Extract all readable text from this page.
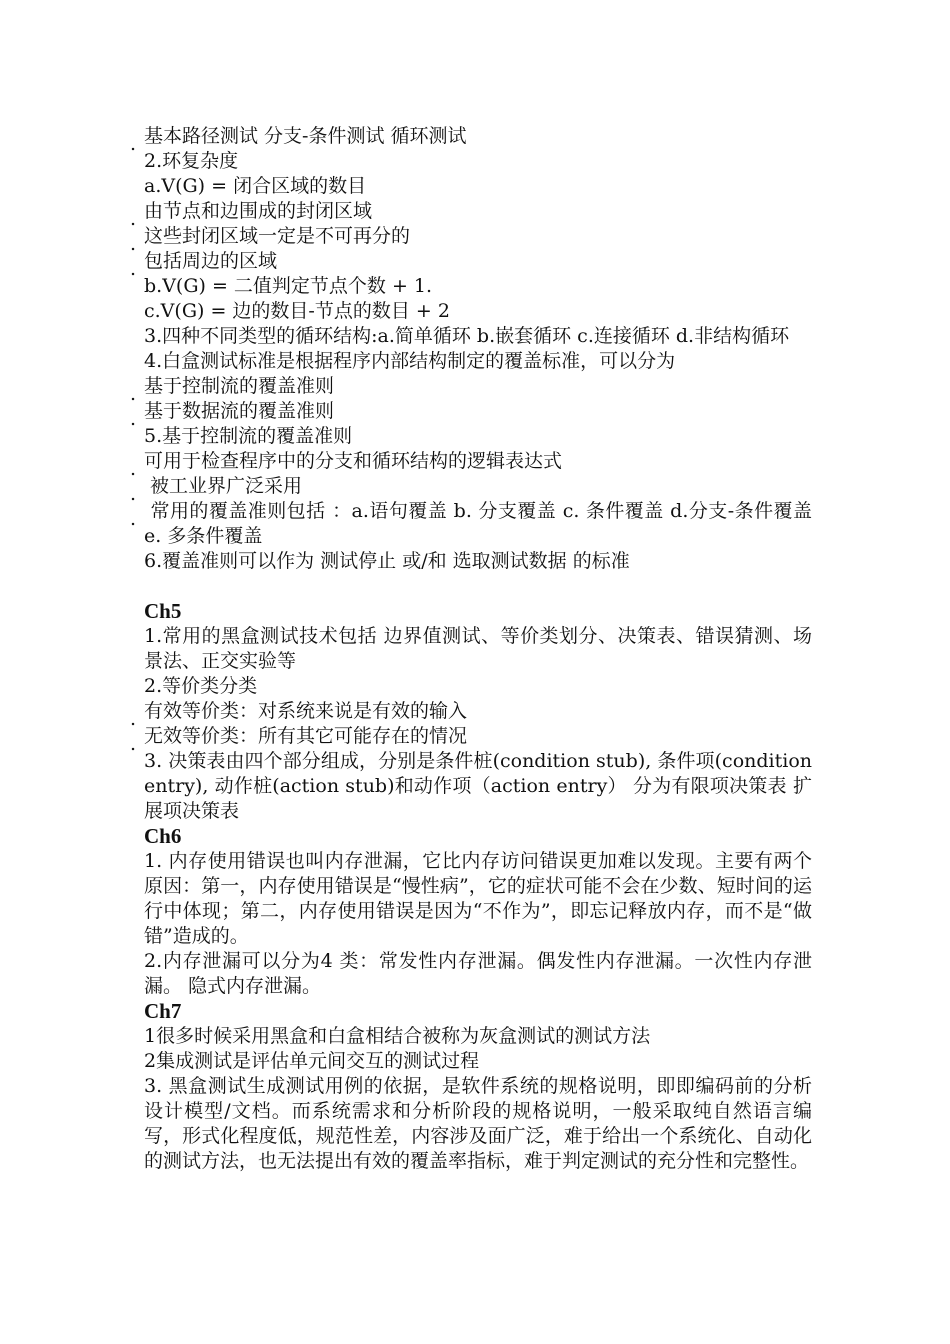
. 基本路径测试 分支-条件测试 循环测试
2.环复杂度
a.V(G) = 闭合区域的数目
. 由节点和边围成的封闭区域
. 这些封闭区域一定是不可再分的
. 包括周边的区域
b.V(G) = 二值判定节点个数 + 1.
c.V(G) = 边的数目-节点的数目 + 2
3.四种不同类型的循环结构:a.简单循环 b.嵌套循环 c.连接循环 d.非结构循环
4.白盒测试标准是根据程序内部结构制定的覆盖标准，可以分为
. 基于控制流的覆盖准则
. 基于数据流的覆盖准则
5.基于控制流的覆盖准则
. 可用于检查程序中的分支和循环结构的逻辑表达式
. 被工业界广泛采用
. 常用的覆盖准则包括 ：a.语句覆盖 b. 分支覆盖 c. 条件覆盖 d.分支-条件覆盖 e. 多条件覆盖
6.覆盖准则可以作为 测试停止 或/和 选取测试数据 的标准
Ch5
1.常用的黑盒测试技术包括 边界值测试、等价类划分、决策表、错误猜测、场景法、正交实验等
2.等价类分类
. 有效等价类：对系统来说是有效的输入
. 无效等价类：所有其它可能存在的情况
3. 决策表由四个部分组成，分别是条件桩(condition stub), 条件项(condition entry), 动作桩(action stub)和动作项（action entry） 分为有限项决策表 扩展项决策表
Ch6
1. 内存使用错误也叫内存泄漏，它比内存访问错误更加难以发现。主要有两个原因：第一，内存使用错误是“慢性病”，它的症状可能不会在少数、短时间的运行中体现；第二，内存使用错误是因为“不作为”，即忘记释放内存，而不是“做错”造成的。
2.内存泄漏可以分为4 类：常发性内存泄漏。偶发性内存泄漏。一次性内存泄漏。 隐式内存泄漏。
Ch7
1很多时候采用黑盒和白盒相结合被称为灰盒测试的测试方法
2集成测试是评估单元间交互的测试过程
3. 黑盒测试生成测试用例的依据，是软件系统的规格说明，即即编码前的分析设计模型/文档。而系统需求和分析阶段的规格说明，一般采取纯自然语言编写，形式化程度低，规范性差，内容涉及面广泛，难于给出一个系统化、自动化的测试方法，也无法提出有效的覆盖率指标，难于判定测试的充分性和完整性。
